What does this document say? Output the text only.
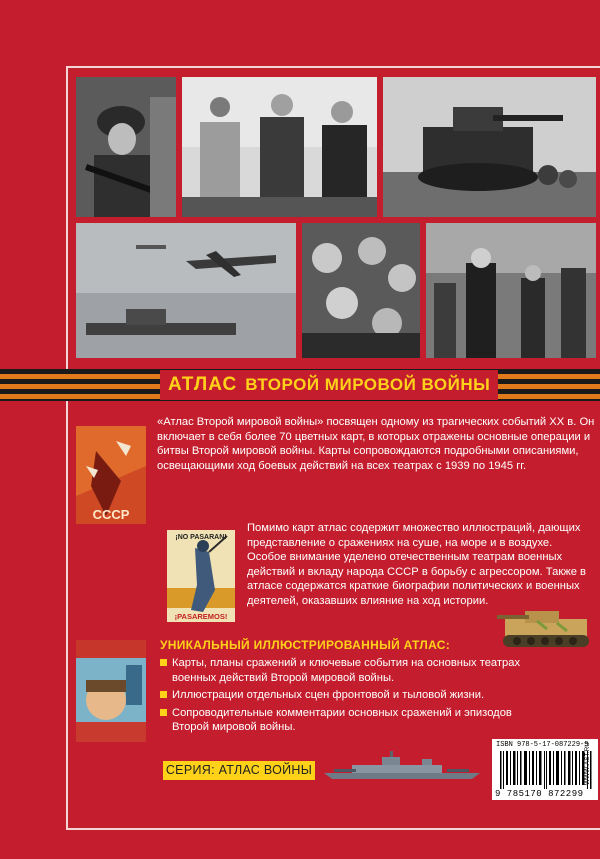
АТЛАС ВТОРОЙ МИРОВОЙ ВОЙНЫ
СССР
«Атлас Второй мировой войны» посвящен одному из трагических событий XX в. Он включает в себя более 70 цветных карт, в которых отражены основные операции и битвы Второй мировой войны. Карты сопровождаются подробными описаниями, освещающими ход боевых действий на всех театрах с 1939 по 1945 гг.
¡NO PASARAN!
¡PASAREMOS!
Помимо карт атлас содержит множество иллюстраций, дающих представление о сражениях на суше, на море и в воздухе. Особое внимание уделено отечественным театрам военных действий и вкладу народа СССР в борьбу с агрессором. Также в атласе содержатся краткие биографии политических и военных деятелей, оказавших влияние на ход истории.
УНИКАЛЬНЫЙ ИЛЛЮСТРИРОВАННЫЙ АТЛАС:
Карты, планы сражений и ключевые события на основных театрах военных действий Второй мировой войны.
Иллюстрации отдельных сцен фронтовой и тыловой жизни.
Сопроводительные комментарии основных сражений и эпизодов Второй мировой войны.
СЕРИЯ: АТЛАС ВОЙНЫ
ISBN 978-5-17-087229-9
9 785170 872299
WWW.AST.RU
